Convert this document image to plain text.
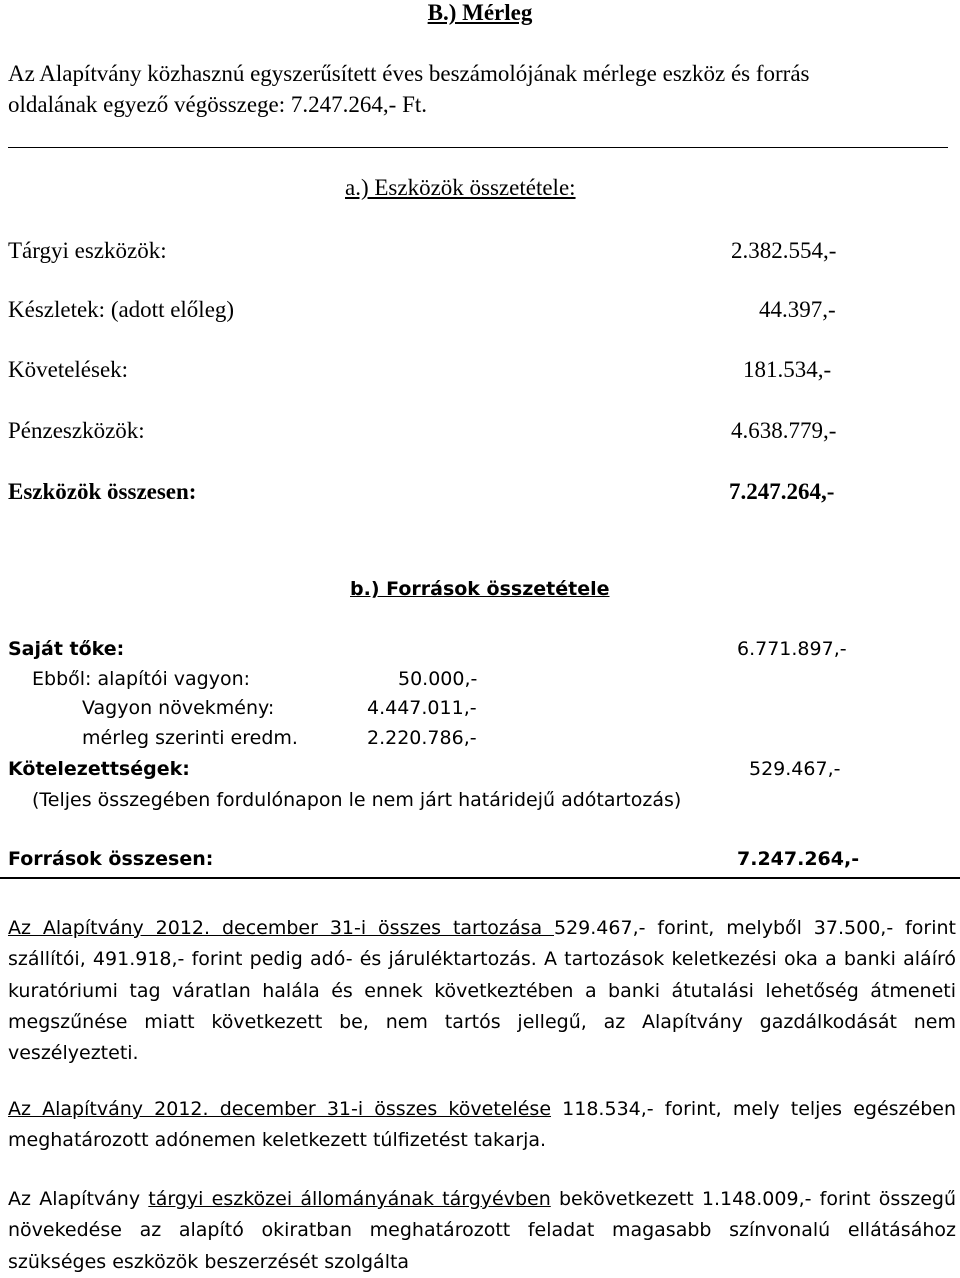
B.) Mérleg
Az Alapítvány közhasznú egyszerűsített éves beszámolójának mérlege eszköz és forrás
oldalának egyező végösszege: 7.247.264,- Ft.
a.) Eszközök összetétele:
Tárgyi eszközök:	2.382.554,-
Készletek: (adott előleg)	44.397,-
Követelések:	181.534,-
Pénzeszközök:	4.638.779,-
Eszközök összesen:	7.247.264,-
b.) Források összetétele
Saját tőke:	6.771.897,-
Ebből: alapítói vagyon:	50.000,-
Vagyon növekmény:	4.447.011,-
mérleg szerinti eredm.	2.220.786,-
Kötelezettségek:	529.467,-
(Teljes összegében fordulónapon le nem járt határidejű adótartozás)
Források összesen:	7.247.264,-
Az Alapítvány 2012. december 31-i összes tartozása 529.467,- forint, melyből 37.500,- forint szállítói, 491.918,- forint pedig adó- és járuléktartozás. A tartozások keletkezési oka a banki aláíró kuratóriumi tag váratlan halála és ennek következtében a banki átutalási lehetőség átmeneti megszűnése miatt következett be, nem tartós jellegű, az Alapítvány gazdálkodását nem veszélyezteti.
Az Alapítvány 2012. december 31-i összes követelése 118.534,- forint, mely teljes egészében meghatározott adónemen keletkezett túlfizetést takarja.
Az Alapítvány tárgyi eszközei állományának tárgyévben bekövetkezett 1.148.009,- forint összegű növekedése az alapító okiratban meghatározott feladat magasabb színvonalú ellátásához szükséges eszközök beszerzését szolgálta
